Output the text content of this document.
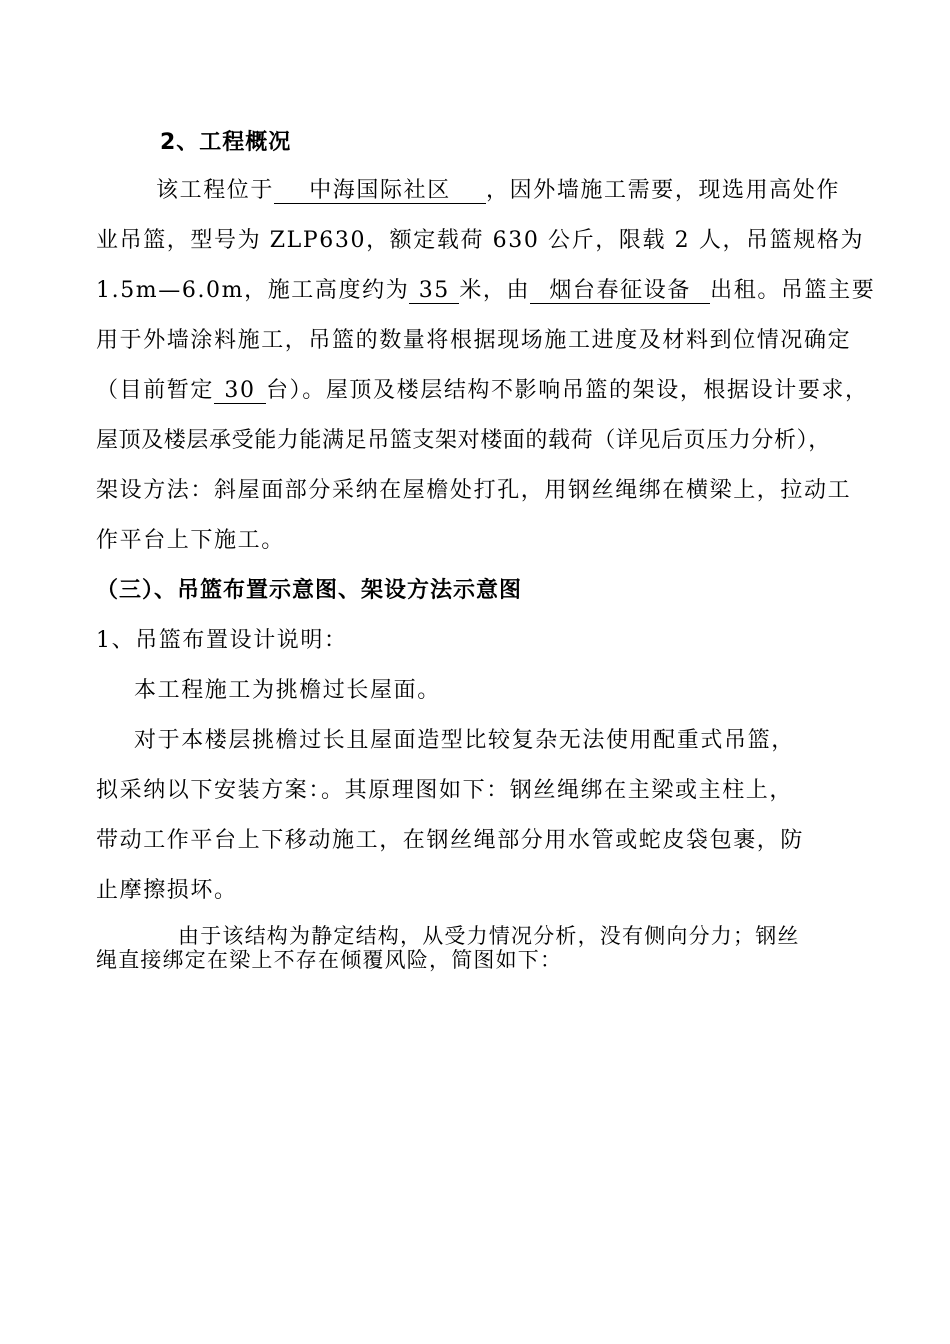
2、工程概况
该工程位于 中海国际社区 ，因外墙施工需要，现选用高处作
业吊篮，型号为 ZLP630，额定载荷 630 公斤，限载 2 人，吊篮规格为
1.5m—6.0m，施工高度约为 35 米，由 烟台春征设备 出租。吊篮主要
用于外墙涂料施工，吊篮的数量将根据现场施工进度及材料到位情况确定
（目前暂定 30 台）。屋顶及楼层结构不影响吊篮的架设，根据设计要求，
屋顶及楼层承受能力能满足吊篮支架对楼面的载荷（详见后页压力分析），
架设方法：斜屋面部分采纳在屋檐处打孔，用钢丝绳绑在横梁上，拉动工
作平台上下施工。
（三）、吊篮布置示意图、架设方法示意图
1、吊篮布置设计说明：
本工程施工为挑檐过长屋面。
对于本楼层挑檐过长且屋面造型比较复杂无法使用配重式吊篮，
拟采纳以下安装方案：。其原理图如下：钢丝绳绑在主梁或主柱上，
带动工作平台上下移动施工，在钢丝绳部分用水管或蛇皮袋包裹，防
止摩擦损坏。
由于该结构为静定结构，从受力情况分析，没有侧向分力；钢丝
绳直接绑定在梁上不存在倾覆风险，简图如下：
